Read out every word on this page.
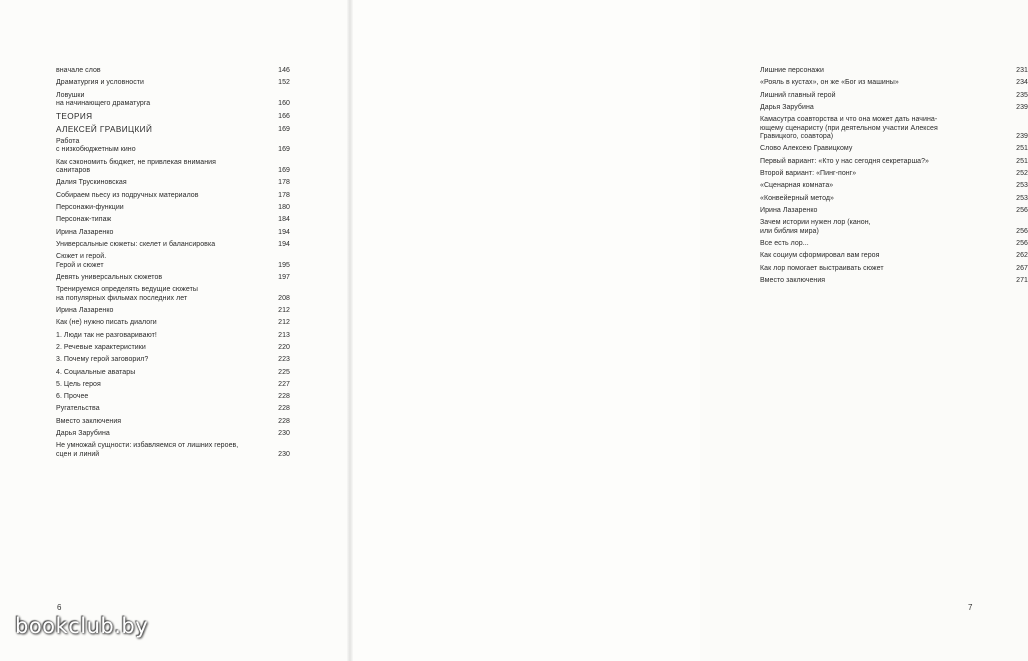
вначале слов	146
Драматургия и условности	152
Ловушки
на начинающего драматурга	160
ТЕОРИЯ	166
АЛЕКСЕЙ ГРАВИЦКИЙ	169
Работа
с низкобюджетным кино	169
Как сэкономить бюджет, не привлекая внимания
санитаров	169
Далия Трускиновская	178
Собираем пьесу из подручных материалов	178
Персонажи-функции	180
Персонаж-типаж	184
Ирина Лазаренко	194
Универсальные сюжеты: скелет и балансировка	194
Сюжет и герой.
Герой и сюжет	195
Девять универсальных сюжетов	197
Тренируемся определять ведущие сюжеты
на популярных фильмах последних лет	208
Ирина Лазаренко	212
Как (не) нужно писать диалоги	212
1. Люди так не разговаривают!	213
2. Речевые характеристики	220
3. Почему герой заговорил?	223
4. Социальные аватары	225
5. Цель героя	227
6. Прочее	228
Ругательства	228
Вместо заключения	228
Дарья Зарубина	230
Не умножай сущности: избавляемся от лишних героев,
сцен и линий	230
6
Лишние персонажи	231
«Рояль в кустах», он же «Бог из машины»	234
Лишний главный герой	235
Дарья Зарубина	239
Камасутра соавторства и что она может дать начина-
ющему сценаристу (при деятельном участии Алексея
Гравицкого, соавтора)	239
Слово Алексею Гравицкому	251
Первый вариант: «Кто у нас сегодня секретарша?»	251
Второй вариант: «Пинг-понг»	252
«Сценарная комната»	253
«Конвейерный метод»	253
Ирина Лазаренко	256
Зачем истории нужен лор (канон,
или библия мира)	256
Все есть лор...	256
Как социум сформировал вам героя	262
Как лор помогает выстраивать сюжет	267
Вместо заключения	271
7
bookclub.by
